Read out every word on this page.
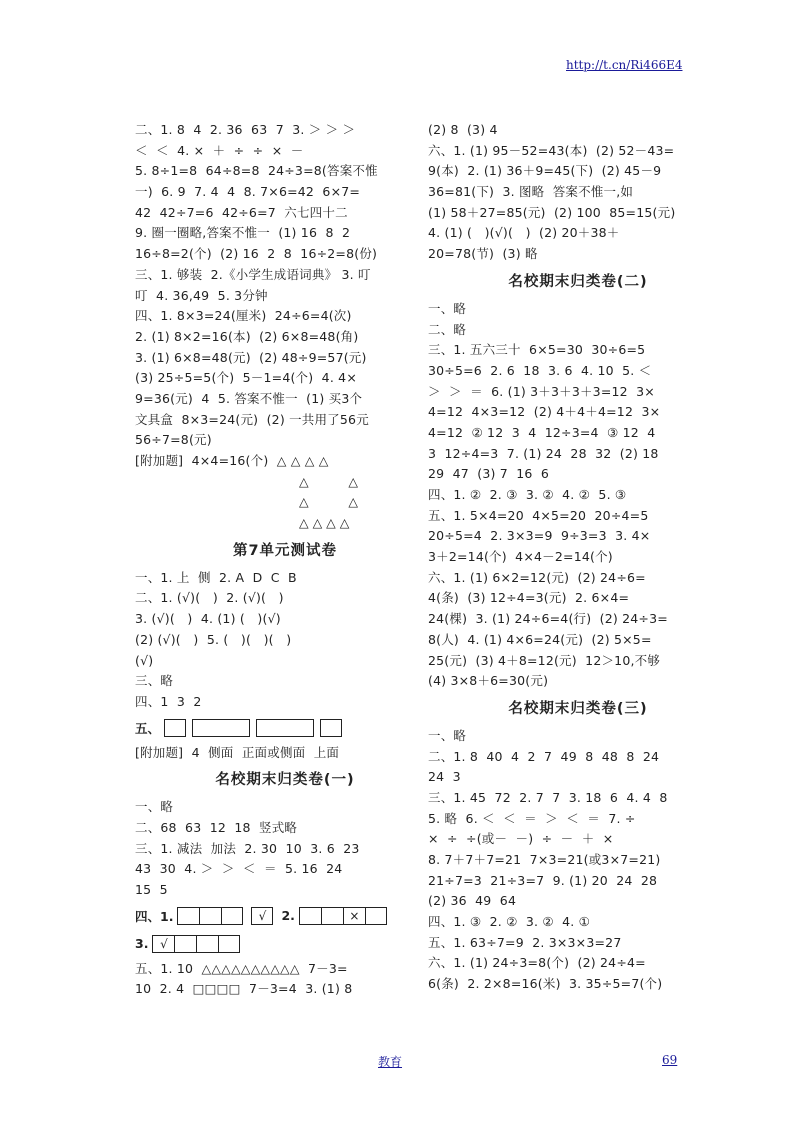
http://t.cn/Ri466E4
二、1. 8  4  2. 36  63  7  3. ＞ ＞ ＞
＜  ＜  4. ×  ＋  ÷  ÷  ×  －
5. 8÷1=8  64÷8=8  24÷3=8(答案不惟
一)  6. 9  7. 4  4  8. 7×6=42  6×7=
42  42÷7=6  42÷6=7  六七四十二
9. 圈一圈略,答案不惟一  (1) 16  8  2
16÷8=2(个)  (2) 16  2  8  16÷2=8(份)
三、1. 够装  2.《小学生成语词典》 3. 叮
叮  4. 36,49  5. 3分钟
四、1. 8×3=24(厘米)  24÷6=4(次)
2. (1) 8×2=16(本)  (2) 6×8=48(角)
3. (1) 6×8=48(元)  (2) 48÷9=57(元)
(3) 25÷5=5(个)  5－1=4(个)  4. 4×
9=36(元)  4  5. 答案不惟一  (1) 买3个
文具盒  8×3=24(元)  (2) 一共用了56元
56÷7=8(元)
[附加题]  4×4=16(个)  △ △ △ △
△          △
△          △
△ △ △ △
第7单元测试卷
一、1. 上  侧  2. A  D  C  B
二、1. (√)(   )  2. (√)(   )
3. (√)(   )  4. (1) (   )(√)
(2) (√)(   )  5. (   )(   )(   )
(√)
三、略
四、1  3  2
五、
[附加题]  4  侧面  正面或侧面  上面
名校期末归类卷(一)
一、略
二、68  63  12  18  竖式略
三、1. 减法  加法  2. 30  10  3. 6  23
43  30  4. ＞  ＞  ＜  ＝  5. 16  24
15  5
四、1.	√	2.	×
3. √
五、1. 10  △△△△△△△△△△  7－3=
10  2. 4  □□□□  7－3=4  3. (1) 8
(2) 8  (3) 4
六、1. (1) 95－52=43(本)  (2) 52－43=
9(本)  2. (1) 36＋9=45(下)  (2) 45－9
36=81(下)  3. 图略  答案不惟一,如
(1) 58＋27=85(元)  (2) 100  85=15(元)
4. (1) (   )(√)(   )  (2) 20＋38＋
20=78(节)  (3) 略
名校期末归类卷(二)
一、略
二、略
三、1. 五六三十  6×5=30  30÷6=5
30÷5=6  2. 6  18  3. 6  4. 10  5. ＜
＞  ＞  ＝  6. (1) 3＋3＋3＋3=12  3×
4=12  4×3=12  (2) 4＋4＋4=12  3×
4=12  ② 12  3  4  12÷3=4  ③ 12  4
3  12÷4=3  7. (1) 24  28  32  (2) 18
29  47  (3) 7  16  6
四、1. ②  2. ③  3. ②  4. ②  5. ③
五、1. 5×4=20  4×5=20  20÷4=5
20÷5=4  2. 3×3=9  9÷3=3  3. 4×
3＋2=14(个)  4×4－2=14(个)
六、1. (1) 6×2=12(元)  (2) 24÷6=
4(条)  (3) 12÷4=3(元)  2. 6×4=
24(棵)  3. (1) 24÷6=4(行)  (2) 24÷3=
8(人)  4. (1) 4×6=24(元)  (2) 5×5=
25(元)  (3) 4＋8=12(元)  12＞10,不够
(4) 3×8＋6=30(元)
名校期末归类卷(三)
一、略
二、1. 8  40  4  2  7  49  8  48  8  24
24  3
三、1. 45  72  2. 7  7  3. 18  6  4. 4  8
5. 略  6. ＜  ＜  ＝  ＞  ＜  ＝  7. ÷
×  ÷  ÷(或－  －)  ÷  －  ＋  ×
8. 7＋7＋7=21  7×3=21(或3×7=21)
21÷7=3  21÷3=7  9. (1) 20  24  28
(2) 36  49  64
四、1. ③  2. ②  3. ②  4. ①
五、1. 63÷7=9  2. 3×3×3=27
六、1. (1) 24÷3=8(个)  (2) 24÷4=
6(条)  2. 2×8=16(米)  3. 35÷5=7(个)
教育	69
